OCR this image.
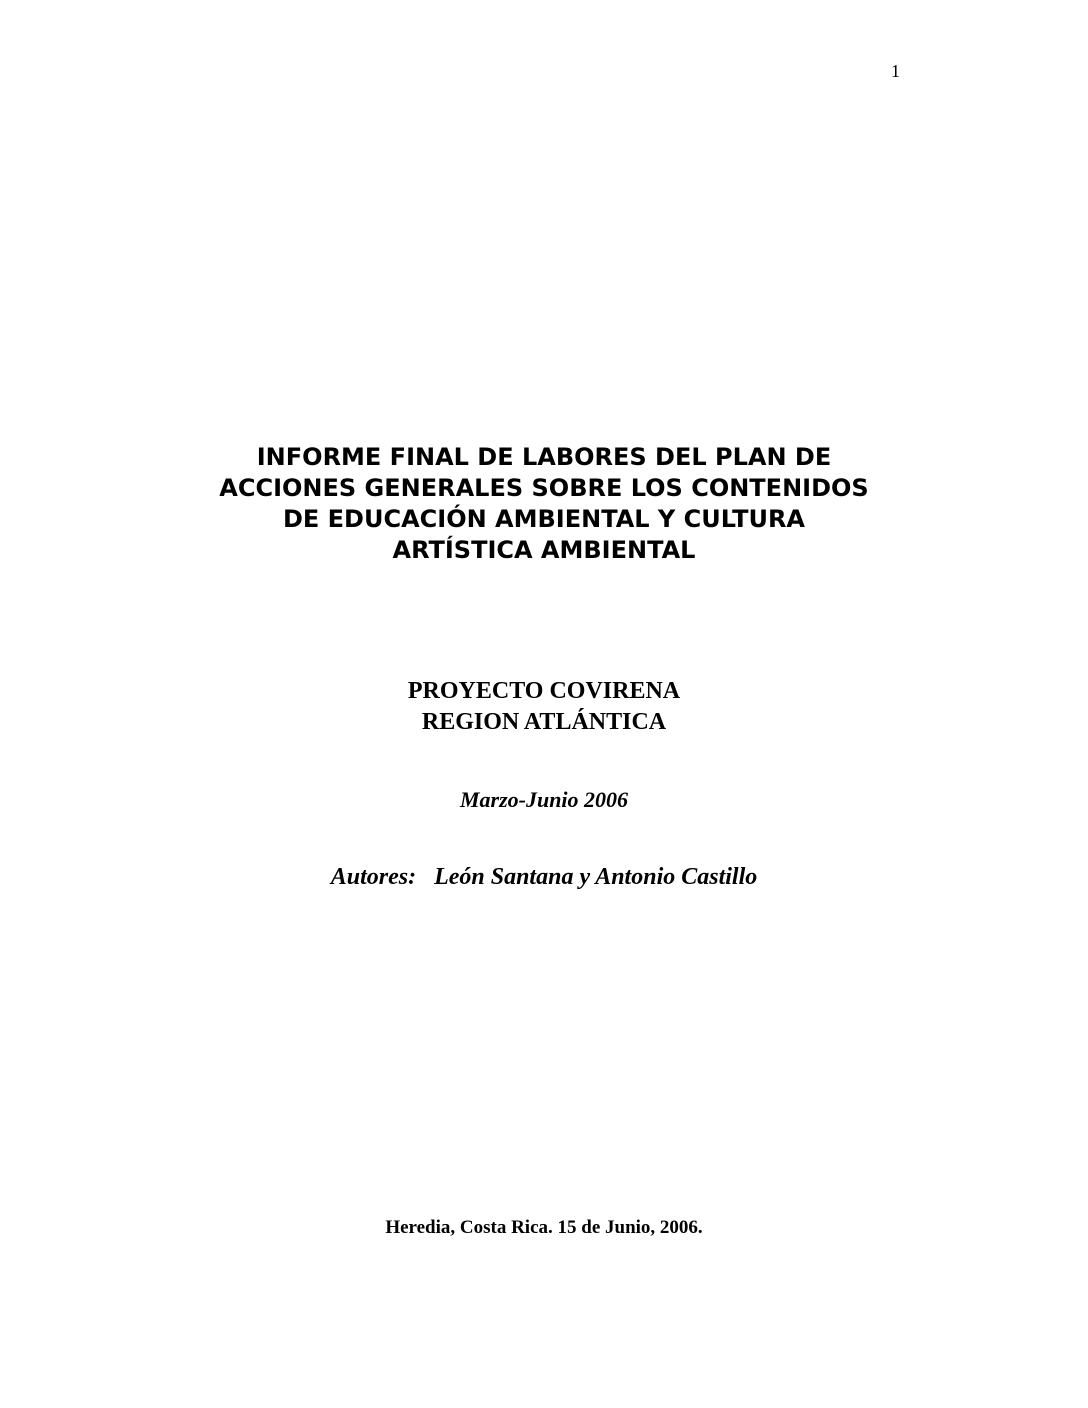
1
INFORME FINAL DE LABORES DEL PLAN DE
ACCIONES GENERALES SOBRE LOS CONTENIDOS
DE EDUCACIÓN AMBIENTAL Y CULTURA
ARTÍSTICA AMBIENTAL
PROYECTO COVIRENA
REGION ATLÁNTICA
Marzo-Junio 2006
Autores:   León Santana y Antonio Castillo
Heredia, Costa Rica. 15 de Junio, 2006.
